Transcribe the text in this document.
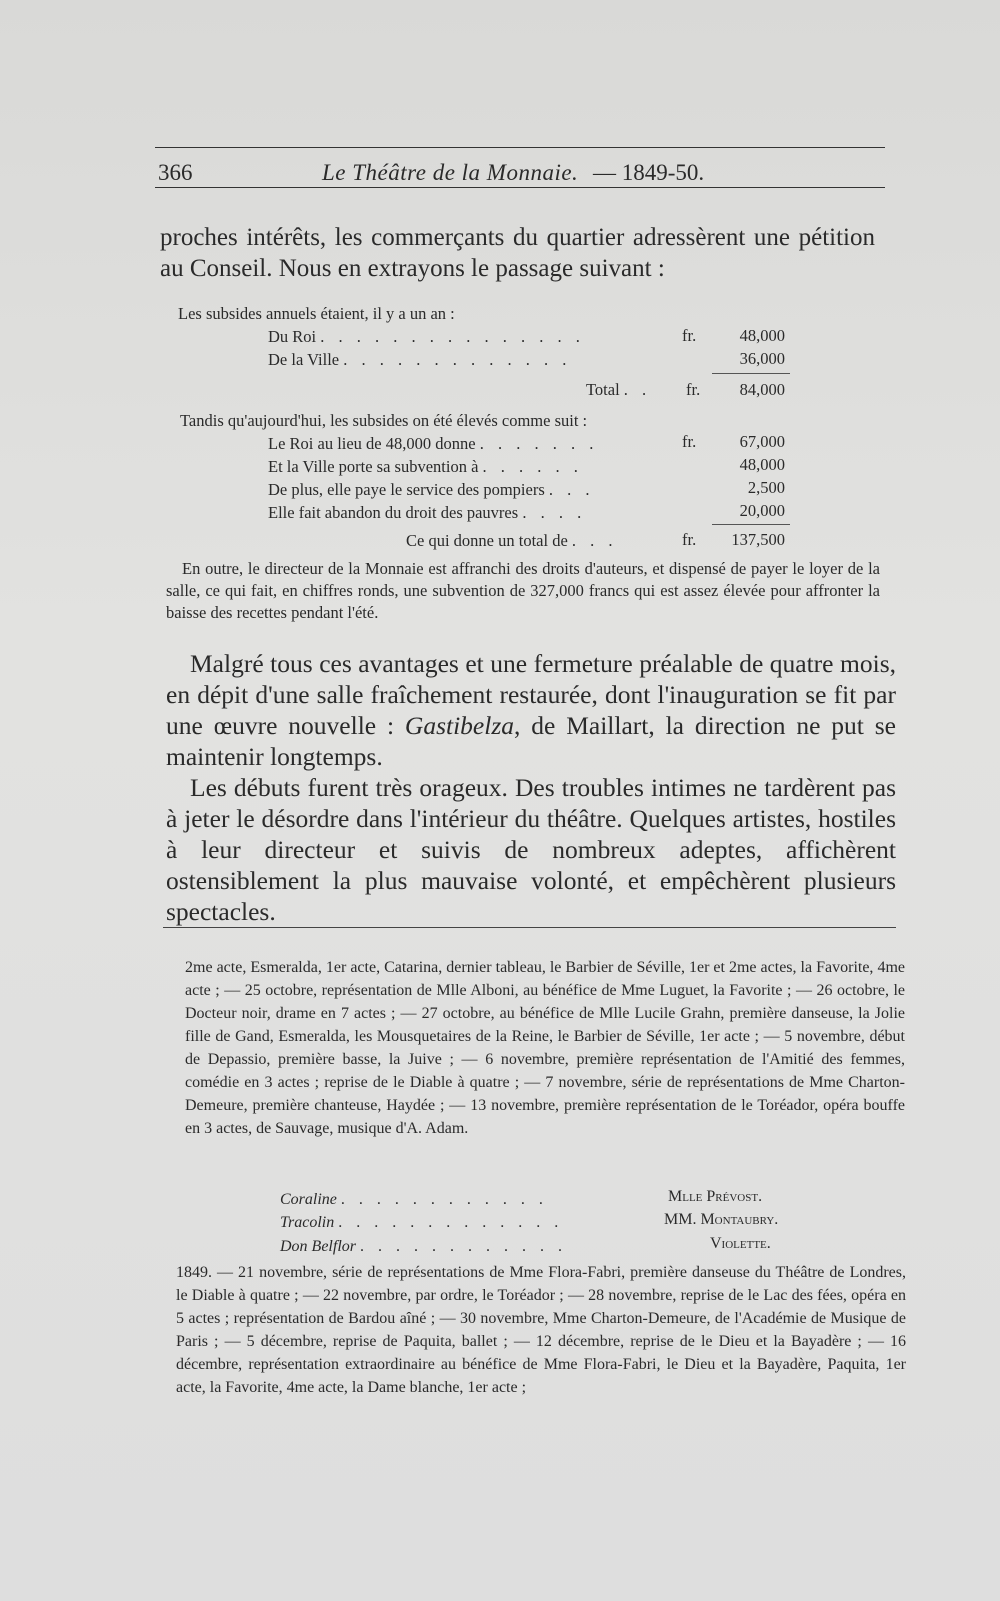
366	Le Théâtre de la Monnaie. — 1849-50.

proches intérêts, les commerçants du quartier adressèrent une pétition au Conseil. Nous en extrayons le passage suivant :

Les subsides annuels étaient, il y a un an :
Du Roi . . . . . . . . . . . . . . .	fr.	48,000
De la Ville . . . . . . . . . . . . .	36,000
Total . . fr.	84,000
Tandis qu'aujourd'hui, les subsides on été élevés comme suit :
Le Roi au lieu de 48,000 donne . . . . . . .	fr.	67,000
Et la Ville porte sa subvention à . . . . . .	48,000
De plus, elle paye le service des pompiers . . .	2,500
Elle fait abandon du droit des pauvres . . . .	20,000
Ce qui donne un total de . . .	fr.	137,500
En outre, le directeur de la Monnaie est affranchi des droits d'auteurs, et dispensé de payer le loyer de la salle, ce qui fait, en chiffres ronds, une subvention de 327,000 francs qui est assez élevée pour affronter la baisse des recettes pendant l'été.

Malgré tous ces avantages et une fermeture préalable de quatre mois, en dépit d'une salle fraîchement restaurée, dont l'inauguration se fit par une œuvre nouvelle : Gastibelza, de Maillart, la direction ne put se maintenir longtemps.

Les débuts furent très orageux. Des troubles intimes ne tardèrent pas à jeter le désordre dans l'intérieur du théâtre. Quelques artistes, hostiles à leur directeur et suivis de nombreux adeptes, affichèrent ostensiblement la plus mauvaise volonté, et empêchèrent plusieurs spectacles.

2me acte, Esmeralda, 1er acte, Catarina, dernier tableau, le Barbier de Séville, 1er et 2me actes, la Favorite, 4me acte ; — 25 octobre, représentation de Mlle Alboni, au bénéfice de Mme Luguet, la Favorite ; — 26 octobre, le Docteur noir, drame en 7 actes ; — 27 octobre, au bénéfice de Mlle Lucile Grahn, première danseuse, la Jolie fille de Gand, Esmeralda, les Mousquetaires de la Reine, le Barbier de Séville, 1er acte ; — 5 novembre, début de Depassio, première basse, la Juive ; — 6 novembre, première représentation de l'Amitié des femmes, comédie en 3 actes ; reprise de le Diable à quatre ; — 7 novembre, série de représentations de Mme Charton-Demeure, première chanteuse, Haydée ; — 13 novembre, première représentation de le Toréador, opéra bouffe en 3 actes, de Sauvage, musique d'A. Adam.

Coraline . . . . . . . . . . . .	Mlle Prévost.
Tracolin . . . . . . . . . . . . .	MM. Montaubry.
Don Belflor . . . . . . . . . . . .	Violette.

1849. — 21 novembre, série de représentations de Mme Flora-Fabri, première danseuse du Théâtre de Londres, le Diable à quatre ; — 22 novembre, par ordre, le Toréador ; — 28 novembre, reprise de le Lac des fées, opéra en 5 actes ; représentation de Bardou aîné ; — 30 novembre, Mme Charton-Demeure, de l'Académie de Musique de Paris ; — 5 décembre, reprise de Paquita, ballet ; — 12 décembre, reprise de le Dieu et la Bayadère ; — 16 décembre, représentation extraordinaire au bénéfice de Mme Flora-Fabri, le Dieu et la Bayadère, Paquita, 1er acte, la Favorite, 4me acte, la Dame blanche, 1er acte ;
